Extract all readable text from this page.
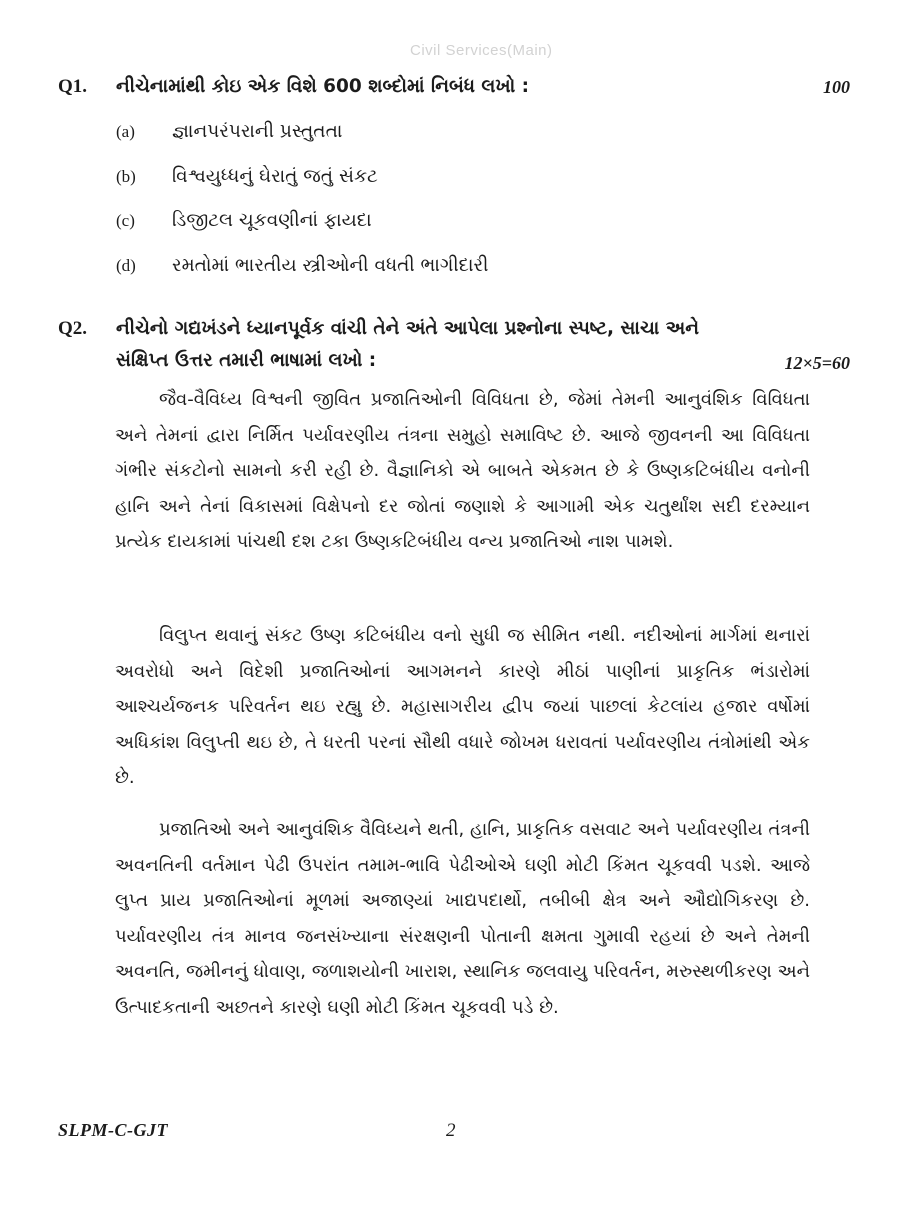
Civil Services(Main)
Q1. નીચેનામાંથી કોઇ એક વિશે 600 શબ્દોમાં નિબંધ લખો :	100
(a) જ્ઞાનપરંપરાની પ્રસ્તુતતા
(b) વિશ્વયુધ્ધનું ઘેરાતું જતું સંકટ
(c) ડિજીટલ ચૂકવણીનાં ફાયદા
(d) રમતોમાં ભારતીય સ્ત્રીઓની વધતી ભાગીદારી
Q2. નીચેનો ગદ્યખંડને ધ્યાનપૂર્વક વાંચી તેને અંતે આપેલા પ્રશ્નોના સ્પષ્ટ, સાચા અને
સંક્ષિપ્ત ઉત્તર તમારી ભાષામાં લખો :	12×5=60

જૈવ-વૈવિધ્ય વિશ્વની જીવિત પ્રજાતિઓની વિવિધતા છે, જેમાં તેમની આનુવંશિક વિવિધતા અને તેમનાં દ્વારા નિર્મિત પર્યાવરણીય તંત્રના સમુહો સમાવિષ્ટ છે. આજે જીવનની આ વિવિધતા ગંભીર સંકટોનો સામનો કરી રહી છે. વૈજ્ઞાનિકો એ બાબતે એકમત છે કે ઉષ્ણકટિબંધીય વનોની હાનિ અને તેનાં વિકાસમાં વિક્ષેપનો દર જોતાં જણાશે કે આગામી એક ચતુર્થાંશ સદી દરમ્યાન પ્રત્યેક દાયકામાં પાંચથી દશ ટકા ઉષ્ણકટિબંધીય વન્ય પ્રજાતિઓ નાશ પામશે.

વિલુપ્ત થવાનું સંકટ ઉષ્ણ કટિબંધીય વનો સુધી જ સીમિત નથી. નદીઓનાં માર્ગમાં થનારાં અવરોધો અને વિદેશી પ્રજાતિઓનાં આગમનને કારણે મીઠાં પાણીનાં પ્રાકૃતિક ભંડારોમાં આશ્ચર્યજનક પરિવર્તન થઇ રહ્યુ છે. મહાસાગરીય દ્વીપ જયાં પાછલાં કેટલાંય હજાર વર્ષોમાં અધિકાંશ વિલુપ્તી થઇ છે, તે ધરતી પરનાં સૌથી વધારે જોખમ ધરાવતાં પર્યાવરણીય તંત્રોમાંથી એક છે.

પ્રજાતિઓ અને આનુવંશિક વૈવિધ્યને થતી, હાનિ, પ્રાકૃતિક વસવાટ અને પર્યાવરણીય તંત્રની અવનતિની વર્તમાન પેઢી ઉપરાંત તમામ-ભાવિ પેઢીઓએ ઘણી મોટી કિંમત ચૂકવવી પડશે. આજે લુપ્ત પ્રાય પ્રજાતિઓનાં મૂળમાં અજાણ્યાં ખાદ્યપદાર્થો, તબીબી ક્ષેત્ર અને ઔદ્યોગિકરણ છે. પર્યાવરણીય તંત્ર માનવ જનસંખ્યાના સંરક્ષણની પોતાની ક્ષમતા ગુમાવી રહયાં છે અને તેમની અવનતિ, જમીનનું ધોવાણ, જળાશયોની ખારાશ, સ્થાનિક જલવાયુ પરિવર્તન, મરુસ્થળીકરણ અને ઉત્પાદકતાની અછતને કારણે ઘણી મોટી કિંમત ચૂકવવી પડે છે.

SLPM-C-GJT	2
